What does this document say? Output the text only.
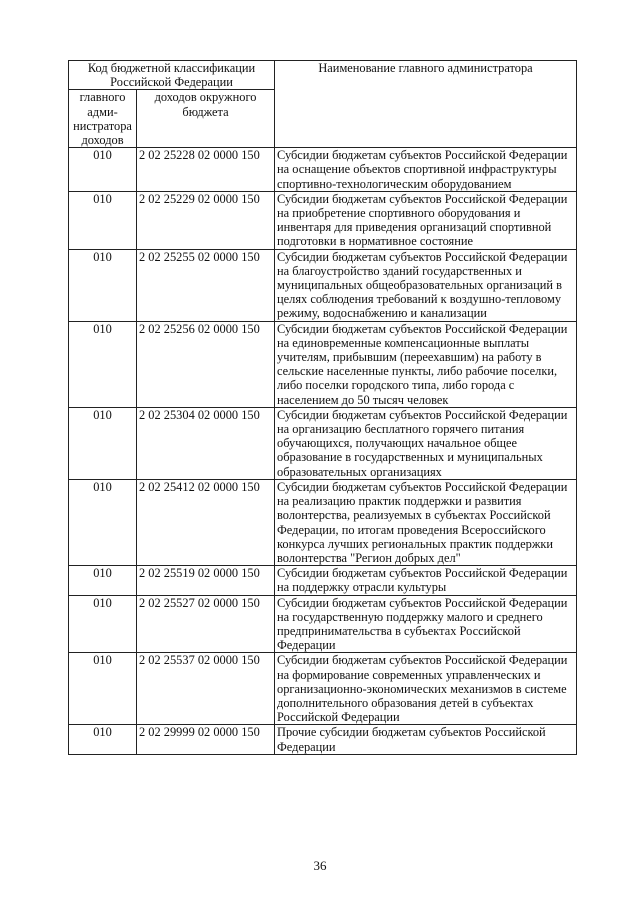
Код бюджетной классификации Российской Федерации		Наименование главного администратора
главного адми-нистратора доходов	доходов окружного бюджета	
010	2 02 25228 02 0000 150	Субсидии бюджетам субъектов Российской Федерации на оснащение объектов спортивной инфраструктуры спортивно-технологическим оборудованием
010	2 02 25229 02 0000 150	Субсидии бюджетам субъектов Российской Федерации на приобретение спортивного оборудования и инвентаря для приведения организаций спортивной подготовки в нормативное состояние
010	2 02 25255 02 0000 150	Субсидии бюджетам субъектов Российской Федерации на благоустройство зданий государственных и муниципальных общеобразовательных организаций в целях соблюдения требований к воздушно-тепловому режиму, водоснабжению и канализации
010	2 02 25256 02 0000 150	Субсидии бюджетам субъектов Российской Федерации на единовременные компенсационные выплаты учителям, прибывшим (переехавшим) на работу в сельские населенные пункты, либо рабочие поселки, либо поселки городского типа, либо города с населением до 50 тысяч человек
010	2 02 25304 02 0000 150	Субсидии бюджетам субъектов Российской Федерации на организацию бесплатного горячего питания обучающихся, получающих начальное общее образование в государственных и муниципальных образовательных организациях
010	2 02 25412 02 0000 150	Субсидии бюджетам субъектов Российской Федерации на реализацию практик поддержки и развития волонтерства, реализуемых в субъектах Российской Федерации, по итогам проведения Всероссийского конкурса лучших региональных практик поддержки волонтерства "Регион добрых дел"
010	2 02 25519 02 0000 150	Субсидии бюджетам субъектов Российской Федерации на поддержку отрасли культуры
010	2 02 25527 02 0000 150	Субсидии бюджетам субъектов Российской Федерации на государственную поддержку малого и среднего предпринимательства в субъектах Российской Федерации
010	2 02 25537 02 0000 150	Субсидии бюджетам субъектов Российской Федерации на формирование современных управленческих и организационно-экономических механизмов в системе дополнительного образования детей в субъектах Российской Федерации
010	2 02 29999 02 0000 150	Прочие субсидии бюджетам субъектов Российской Федерации
36
